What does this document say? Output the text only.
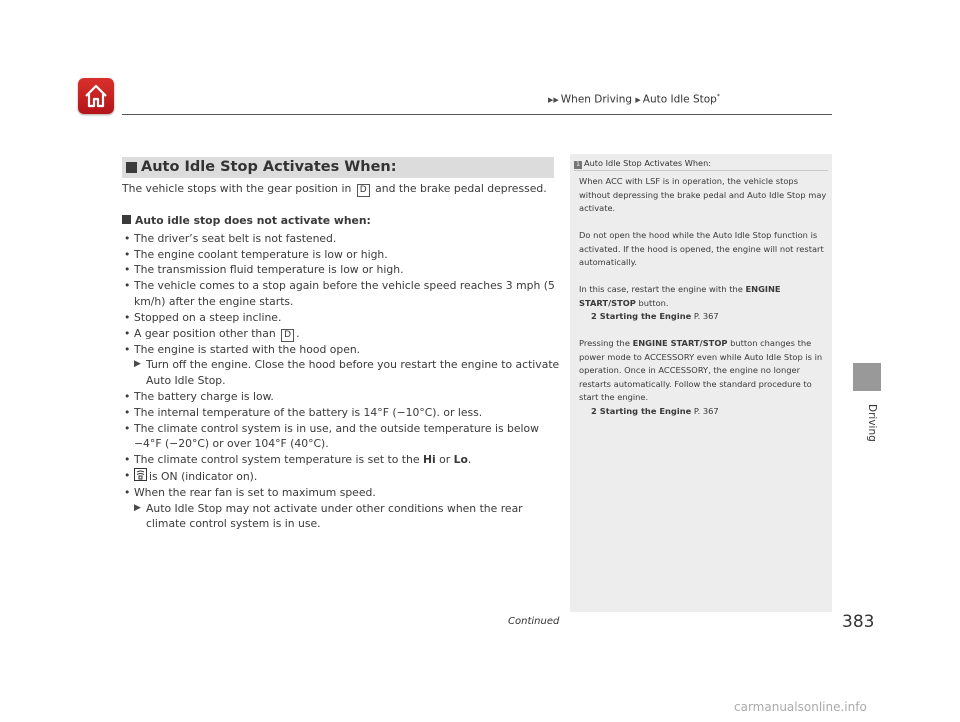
▶▶ When Driving ▶ Auto Idle Stop*
Driving
Auto Idle Stop Activates When:

The vehicle stops with the gear position in D and the brake pedal depressed.

Auto idle stop does not activate when:

• The driver’s seat belt is not fastened.
• The engine coolant temperature is low or high.
• The transmission fluid temperature is low or high.
• The vehicle comes to a stop again before the vehicle speed reaches 3 mph (5 km/h) after the engine starts.
• Stopped on a steep incline.
• A gear position other than D .
• The engine is started with the hood open.
▶ Turn off the engine. Close the hood before you restart the engine to activate Auto Idle Stop.
• The battery charge is low.
• The internal temperature of the battery is 14°F (−10°C). or less.
• The climate control system is in use, and the outside temperature is below −4°F (−20°C) or over 104°F (40°C).
• The climate control system temperature is set to the Hi or Lo.
• is ON (indicator on).
• When the rear fan is set to maximum speed.
▶ Auto Idle Stop may not activate under other conditions when the rear climate control system is in use.
1 Auto Idle Stop Activates When:

When ACC with LSF is in operation, the vehicle stops without depressing the brake pedal and Auto Idle Stop may activate.

Do not open the hood while the Auto Idle Stop function is activated. If the hood is opened, the engine will not restart automatically.

In this case, restart the engine with the ENGINE START/STOP button.
2 Starting the Engine P. 367

Pressing the ENGINE START/STOP button changes the power mode to ACCESSORY even while Auto Idle Stop is in operation. Once in ACCESSORY, the engine no longer restarts automatically. Follow the standard procedure to start the engine.
2 Starting the Engine P. 367

Continued	383
carmanualsonline.info
